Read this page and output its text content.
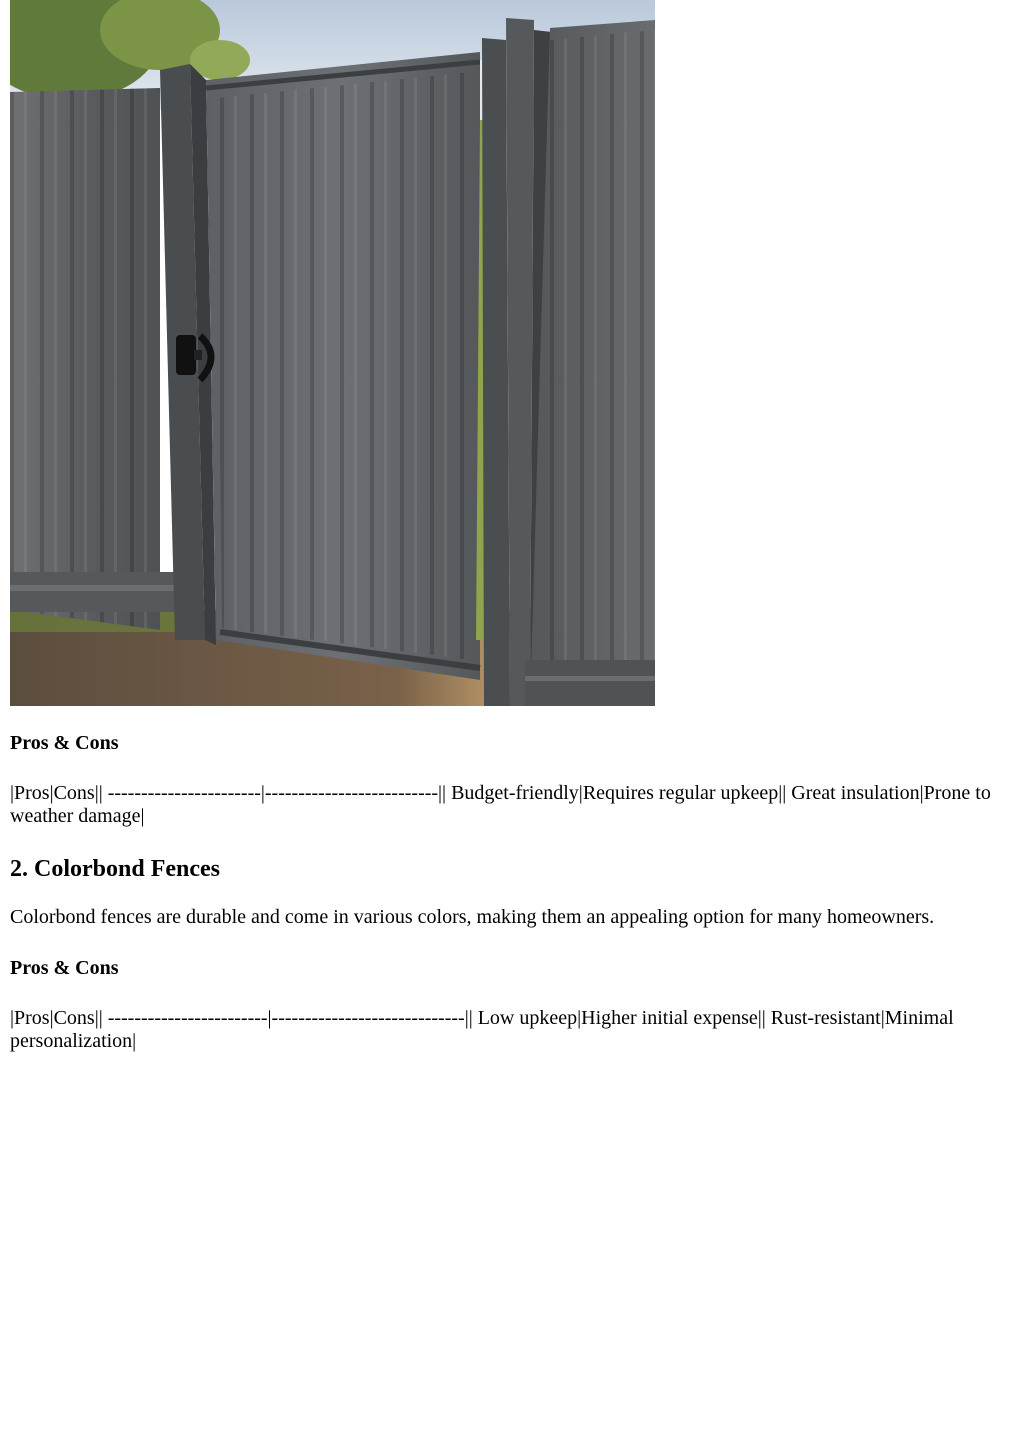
Pros & Cons
|Pros|Cons|| -----------------------|--------------------------|| Budget-friendly|Requires regular upkeep|| Great insulation|Prone to weather damage|
2. Colorbond Fences
Colorbond fences are durable and come in various colors, making them an appealing option for many homeowners.
Pros & Cons
|Pros|Cons|| ------------------------|-----------------------------|| Low upkeep|Higher initial expense|| Rust-resistant|Minimal personalization|
